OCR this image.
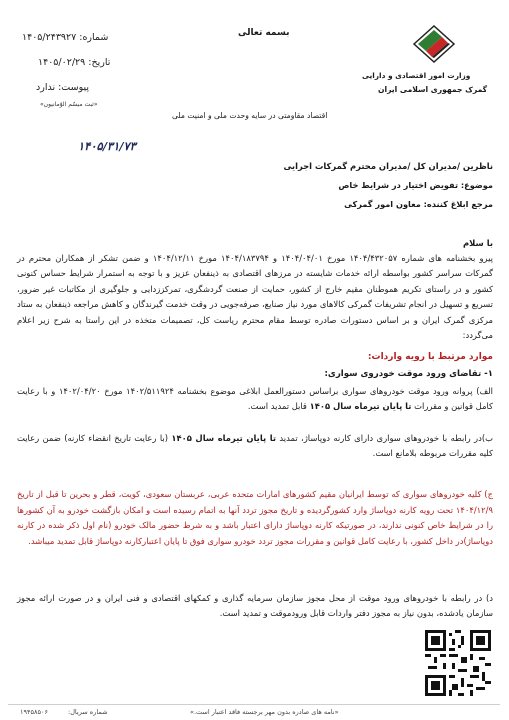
بسمه تعالی
شماره: ۱۴۰۵/۲۴۳۹۲۷
تاریخ: ۱۴۰۵/۰۲/۲۹
پیوست: ندارد
«ثبت ميسّم الوّمانيون»
وزارت امور اقتصادی و دارایی
گمرک جمهوری اسلامی ایران
اقتصاد مقاومتی در سایه وحدت ملی و امنیت ملی
۱۴۰۵/۳۱/۷۳
ناظرین /مدیران کل /مدیران محترم گمرکات اجرایی
موضوع: تفویض اختیار در شرایط خاص
مرجع ابلاغ کننده: معاون امور گمرکی
با سلام
پیرو بخشنامه های شماره ۱۴۰۴/۴۳۲۰۵۷ مورخ ۱۴۰۴/۰۴/۰۱ و ۱۴۰۴/۱۸۳۷۹۴ مورخ ۱۴۰۴/۱۲/۱۱ و ضمن تشکر از همکاران محترم در گمرکات سراسر کشور بواسطه ارائه خدمات شایسته در مرزهای اقتصادی به ذینفعان عزیز و با توجه به استمرار شرایط حساس کنونی کشور و در راستای تکریم هموطنان مقیم خارج از کشور، حمایت از صنعت گردشگری، تمرکززدایی و جلوگیری از مکاتبات غیر ضرور، تسریع و تسهیل در انجام تشریفات گمرکی کالاهای مورد نیاز صنایع، صرفه‌جویی در وقت خدمت گیرندگان و کاهش مراجعه ذینفعان به ستاد مرکزی گمرک ایران و بر اساس دستورات صادره توسط مقام محترم ریاست کل، تصمیمات متخذه در این راستا به شرح زیر اعلام می‌گردد:
موارد مرتبط با رویه واردات:
۱- تقاضای ورود موقت خودروی سواری:
الف) پروانه ورود موقت خودروهای سواری براساس دستورالعمل ابلاغی موضوع بخشنامه ۱۴۰۲/۵۱۱۹۲۴ مورخ ۱۴۰۲/۰۴/۲۰ و با رعایت کامل قوانین و مقررات تا پایان تیرماه سال ۱۴۰۵ قابل تمدید است.
ب)در رابطه با خودروهای سواری دارای کارنه دوپاساژ، تمدید تا پایان تیرماه سال ۱۴۰۵ (با رعایت تاریخ انقضاء کارنه) ضمن رعایت کلیه مقررات مربوطه بلامانع است.
ج) کلیه خودروهای سواری که توسط ایرانیان مقیم کشورهای امارات متحده عربی، عربستان سعودی، کویت، قطر و بحرین تا قبل از تاریخ ۱۴۰۴/۱۲/۹ تحت رویه کارنه دوپاساژ وارد کشورگردیده و تاریخ مجوز تردد آنها به اتمام رسیده است و امکان بازگشت خودرو به آن کشورها را در شرایط خاص کنونی ندارند، در صورتیکه کارنه دوپاساژ دارای اعتبار باشد و به شرط حضور مالک خودرو (نام اول ذکر شده در کارنه دوپاساژ)در داخل کشور، با رعایت کامل قوانین و مقررات مجوز تردد خودرو سواری فوق تا پایان اعتبارکارنه دوپاساژ قابل تمدید میباشد.
د) در رابطه با خودروهای ورود موقت از محل مجوز سازمان سرمایه گذاری و کمکهای اقتصادی و فنی ایران و در صورت ارائه مجوز سازمان یادشده، بدون نیاز به مجوز دفتر واردات قابل ورودموقت و تمدید است.
۱۹۴۵۸۵۰۶	شماره سریال:	«نامه های صادره بدون مهر برجسته فاقد اعتبار است.»
